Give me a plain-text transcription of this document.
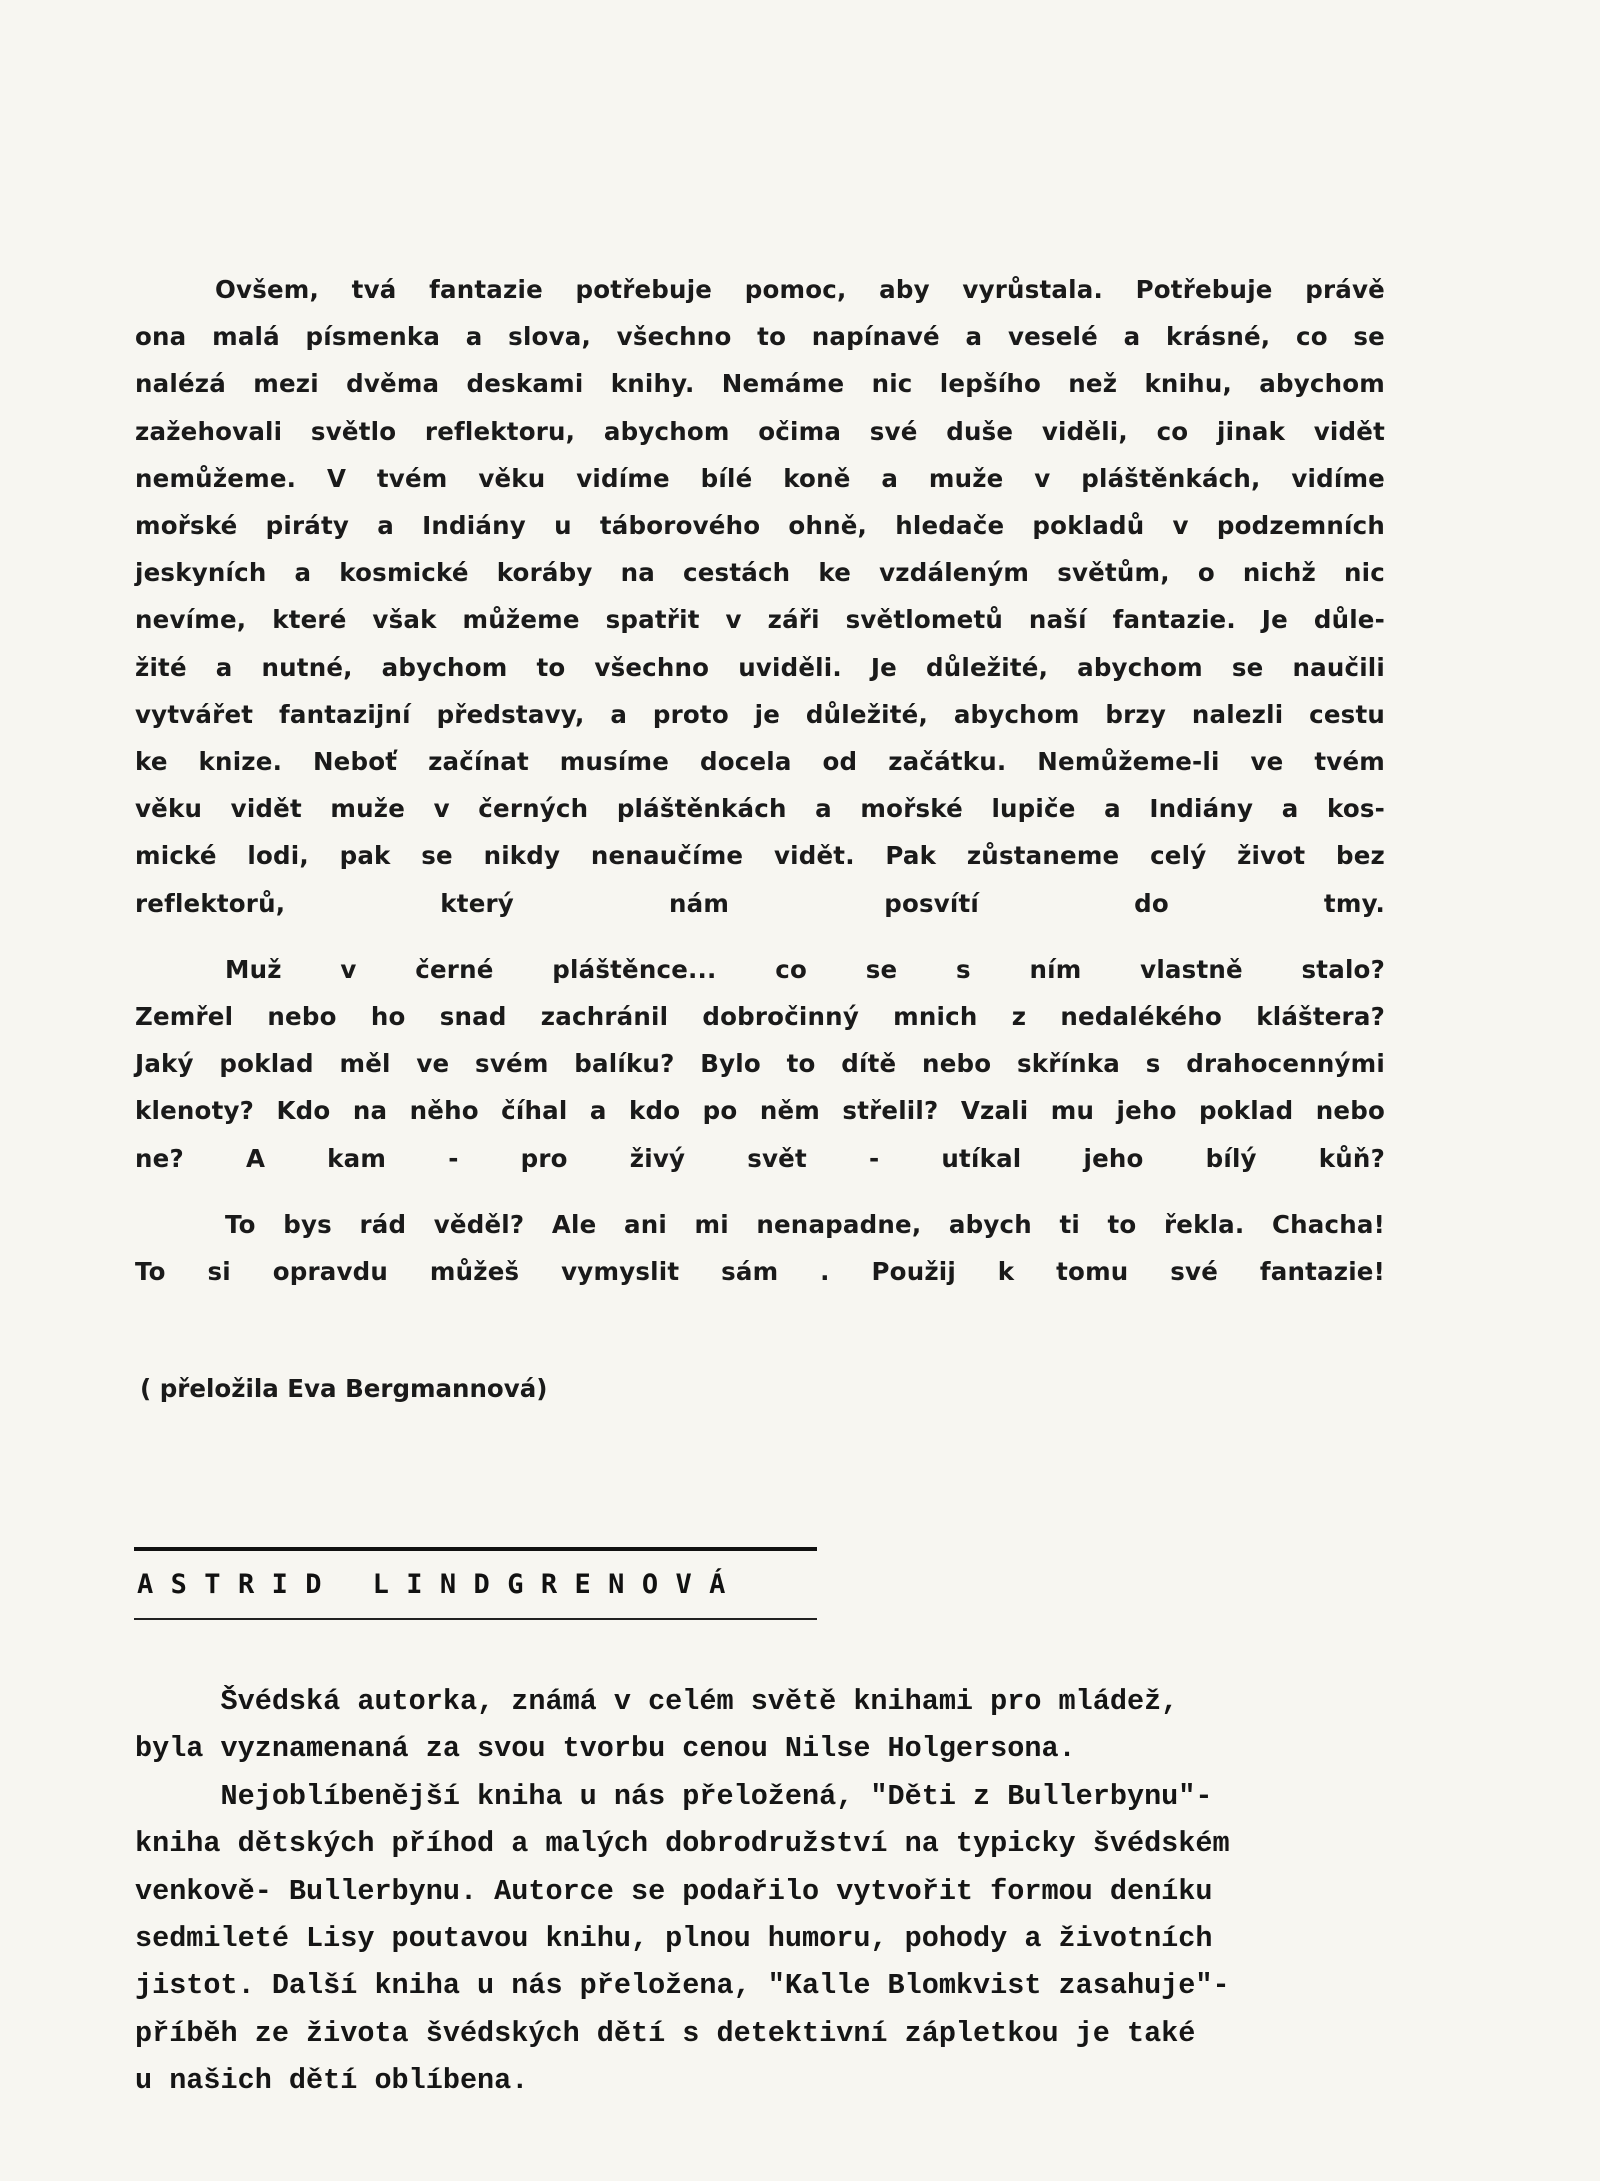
Ovšem, tvá fantazie potřebuje pomoc, aby vyrůstala. Potřebuje právě
ona malá písmenka a slova, všechno to napínavé a veselé a krásné, co se
nalézá mezi dvěma deskami knihy. Nemáme nic lepšího než knihu, abychom
zažehovali světlo reflektoru, abychom očima své duše viděli, co jinak vidět
nemůžeme. V tvém věku vidíme bílé koně a muže v pláštěnkách, vidíme
mořské piráty a Indiány u táborového ohně, hledače pokladů v podzemních
jeskyních a kosmické koráby na cestách ke vzdáleným světům, o nichž nic
nevíme, které však můžeme spatřit v záři světlometů naší fantazie. Je důle-
žité a nutné, abychom to všechno uviděli. Je důležité, abychom se naučili
vytvářet fantazijní představy, a proto je důležité, abychom brzy nalezli cestu
ke knize. Neboť začínat musíme docela od začátku. Nemůžeme-li ve tvém
věku vidět muže v černých pláštěnkách a mořské lupiče a Indiány a kos-
mické lodi, pak se nikdy nenaučíme vidět. Pak zůstaneme celý život bez
reflektorů, který nám posvítí do tmy.
Muž v černé pláštěnce... co se s ním vlastně stalo?
Zemřel nebo ho snad zachránil dobročinný mnich z nedalékého kláštera?
Jaký poklad měl ve svém balíku? Bylo to dítě nebo skřínka s drahocennými
klenoty? Kdo na něho číhal a kdo po něm střelil? Vzali mu jeho poklad nebo
ne? A kam - pro živý svět - utíkal jeho bílý kůň?
To bys rád věděl? Ale ani mi nenapadne, abych ti to řekla. Chacha!
To si opravdu můžeš vymyslit sám . Použij k tomu své fantazie!
( přeložila Eva Bergmannová)
ASTRID LINDGRENOVÁ
Švédská autorka, známá v celém světě knihami pro mládež,
byla vyznamenaná za svou tvorbu cenou Nilse Holgersona.
Nejoblíbenější kniha u nás přeložená, "Děti z Bullerbynu"-
kniha dětských příhod a malých dobrodružství na typicky švédském
venkově- Bullerbynu. Autorce se podařilo vytvořit formou deníku
sedmileté Lisy poutavou knihu, plnou humoru, pohody a životních
jistot. Další kniha u nás přeložena, "Kalle Blomkvist zasahuje"-
příběh ze života švédských dětí s detektivní zápletkou je také
u našich dětí oblíbena.
